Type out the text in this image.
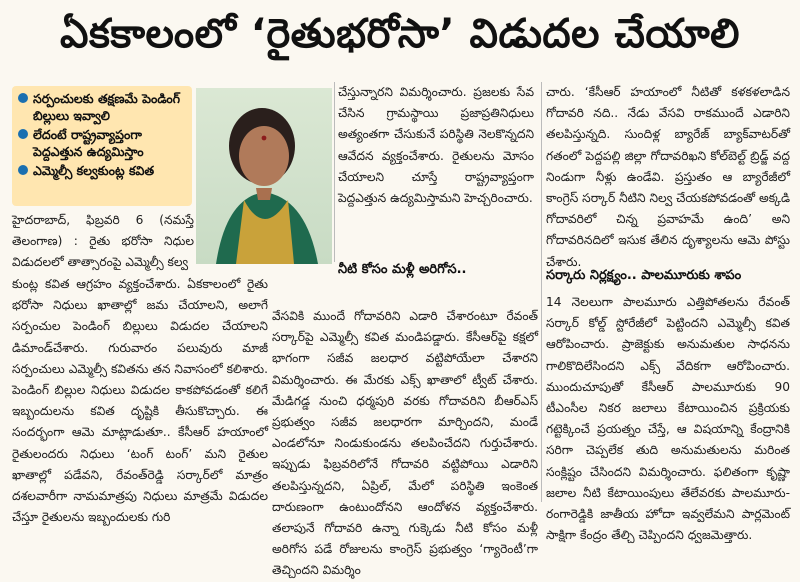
ఏకకాలంలో ‘రైతుభరోసా’ విడుదల చేయాలి
సర్పంచులకు తక్షణమే పెండింగ్ బిల్లులు ఇవ్వాలి
లేదంటే రాష్ట్రవ్యాప్తంగా పెద్దఎత్తున ఉద్యమిస్తాం
ఎమ్మెల్సీ కల్వకుంట్ల కవిత

హైదరాబాద్, ఫిబ్రవరి 6 (నమస్తే తెలంగాణ) : రైతు భరోసా నిధుల విడుదలలో తాత్సారంపై ఎమ్మెల్సీ కల్వ

కుంట్ల కవిత ఆగ్రహం వ్యక్తంచేశారు. ఏకకాలంలో రైతు భరోసా నిధులు ఖాతాల్లో జమ చేయాలని, అలాగే సర్పంచుల పెండింగ్ బిల్లులు విడుదల చేయాలని డిమాండ్‌చేశారు. గురువారం పలువురు మాజీ సర్పంచులు ఎమ్మెల్సీ కవితను తన నివాసంలో కలిశారు. పెండింగ్ బిల్లుల నిధులు విడుదల కాకపోవడంతో కలిగే ఇబ్బందులను కవిత దృష్టికి తీసుకొచ్చారు. ఈ సందర్భంగా ఆమె మాట్లాడుతూ.. కేసీఆర్ హయాంలో రైతులందరు నిధులు ‘టంగ్ టంగ్’ మని రైతుల ఖాతాల్లో పడేవని, రేవంత్‌రెడ్డి సర్కార్‌లో మాత్రం దశలవారీగా నామమాత్రపు నిధులు మాత్రమే విడుదల చేస్తూ రైతులను ఇబ్బందులకు గురి

చేస్తున్నారని విమర్శించారు. ప్రజలకు సేవ చేసిన గ్రామస్థాయి ప్రజాప్రతినిధులు అత్యంతగా చేసుకునే పరిస్థితి నెలకొన్నదని ఆవేదన వ్యక్తంచేశారు. రైతులను మోసం చేయాలని చూస్తే రాష్ట్రవ్యాప్తంగా పెద్దఎత్తున ఉద్యమిస్తామని హెచ్చరించారు.

నీటి కోసం మళ్లీ అరిగోస..

వేసవికి ముందే గోదావరిని ఎడారి చేశారంటూ రేవంత్ సర్కార్‌పై ఎమ్మెల్సీ కవిత మండిపడ్డారు. కేసీఆర్‌పై కక్షలో భాగంగా సజీవ జలధార వట్టిపోయేలా చేశారని విమర్శించారు. ఈ మేరకు ఎక్స్ ఖాతాలో ట్వీట్ చేశారు. మేడిగడ్డ నుంచి ధర్మపురి వరకు గోదావరిని బీఆర్‌ఎస్ ప్రభుత్వం సజీవ జలధారగా మార్చిందని, మండే ఎండలోనూ నిండుకుండను తలపించేదని గుర్తుచేశారు. ఇప్పుడు ఫిబ్రవరిలోనే గోదావరి వట్టిపోయి ఎడారిని తలపిస్తున్నదని, ఏప్రిల్, మేలో పరిస్థితి ఇంకెంత దారుణంగా ఉంటుందోనని ఆందోళన వ్యక్తంచేశారు. తలాపునే గోదావరి ఉన్నా గుక్కెడు నీటి కోసం మళ్లీ అరిగోస పడే రోజులను కాంగ్రెస్ ప్రభుత్వం ‘గ్యారెంటీ’గా తెచ్చిందని విమర్శిం

చారు. ‘కేసీఆర్ హయాంలో నీటితో కళకళలాడిన గోదావరి నది.. నేడు వేసవి రాకముందే ఎడారిని తలపిస్తున్నది. సుందిళ్ల బ్యారేజ్ బ్యాక్‌వాటర్‌తో గతంలో పెద్దపల్లి జిల్లా గోదావరిఖని కోల్‌బెల్ట్ బ్రిడ్జ్ వద్ద నిండుగా నీళ్లు ఉండేవి. ప్రస్తుతం ఆ బ్యారేజీలో కాంగ్రెస్ సర్కార్ నీటిని నిల్వ చేయకపోవడంతో అక్కడి గోదావరిలో చిన్న ప్రవాహమే ఉంది’ అని గోదావరినదిలో ఇసుక తేలిన దృశ్యాలను ఆమె పోస్టు చేశారు.

సర్కారు నిర్లక్ష్యం.. పాలమూరుకు శాపం

14 నెలలుగా పాలమూరు ఎత్తిపోతలను రేవంత్ సర్కార్ కోల్డ్ స్టోరేజీలో పెట్టిందని ఎమ్మెల్సీ కవిత ఆరోపించారు. ప్రాజెక్టుకు అనుమతుల సాధనను గాలికొదిలేసిందని ఎక్స్ వేదికగా ఆరోపించారు. ముందుచూపుతో కేసీఆర్ పాలమూరుకు 90 టీఎంసీల నికర జలాలు కేటాయించిన ప్రక్రియకు గట్టెక్కించే ప్రయత్నం చేస్తే, ఆ విషయాన్ని కేంద్రానికి సరిగా చెప్పలేక తుది అనుమతులను మరింత సంక్లిష్టం చేసిందని విమర్శించారు. ఫలితంగా కృష్ణా జలాల నీటి కేటాయింపులు తేలేవరకు పాలమూరు-రంగారెడ్డికి జాతీయ హోదా ఇవ్వలేమని పార్లమెంట్ సాక్షిగా కేంద్రం తేల్చి చెప్పిందని ధ్వజమెత్తారు.
